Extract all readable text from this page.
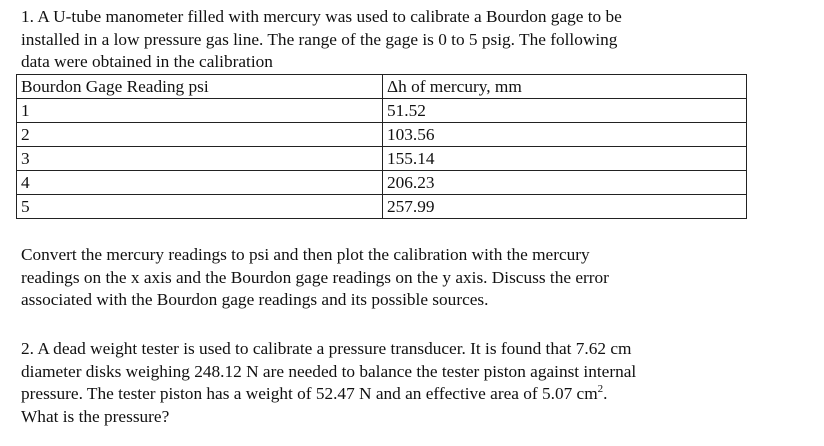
1. A U-tube manometer filled with mercury was used to calibrate a Bourdon gage to be
installed in a low pressure gas line. The range of the gage is 0 to 5 psig. The following
data were obtained in the calibration
Bourdon Gage Reading psi	Δh of mercury, mm
1	51.52
2	103.56
3	155.14
4	206.23
5	257.99
Convert the mercury readings to psi and then plot the calibration with the mercury
readings on the x axis and the Bourdon gage readings on the y axis. Discuss the error
associated with the Bourdon gage readings and its possible sources.
2. A dead weight tester is used to calibrate a pressure transducer. It is found that 7.62 cm
diameter disks weighing 248.12 N are needed to balance the tester piston against internal
pressure. The tester piston has a weight of 52.47 N and an effective area of 5.07 $cm^2$.
What is the pressure?
